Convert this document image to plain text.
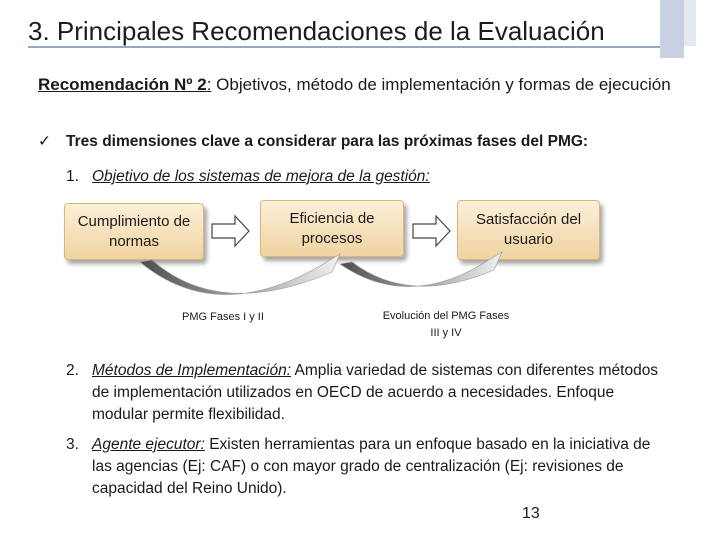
3. Principales Recomendaciones de la Evaluación
Recomendación Nº 2: Objetivos, método de implementación y formas de ejecución
✓ Tres dimensiones clave a considerar para las próximas fases del PMG:
1. Objetivo de los sistemas de mejora de la gestión:
Cumplimiento de normas
Eficiencia de procesos
Satisfacción del usuario
PMG Fases I y II	Evolución del PMG Fases III y IV
2. Métodos de Implementación: Amplia variedad de sistemas con diferentes métodos de implementación utilizados en OECD de acuerdo a necesidades. Enfoque modular permite flexibilidad.
3. Agente ejecutor: Existen herramientas para un enfoque basado en la iniciativa de las agencias (Ej: CAF) o con mayor grado de centralización (Ej: revisiones de capacidad del Reino Unido).
13
